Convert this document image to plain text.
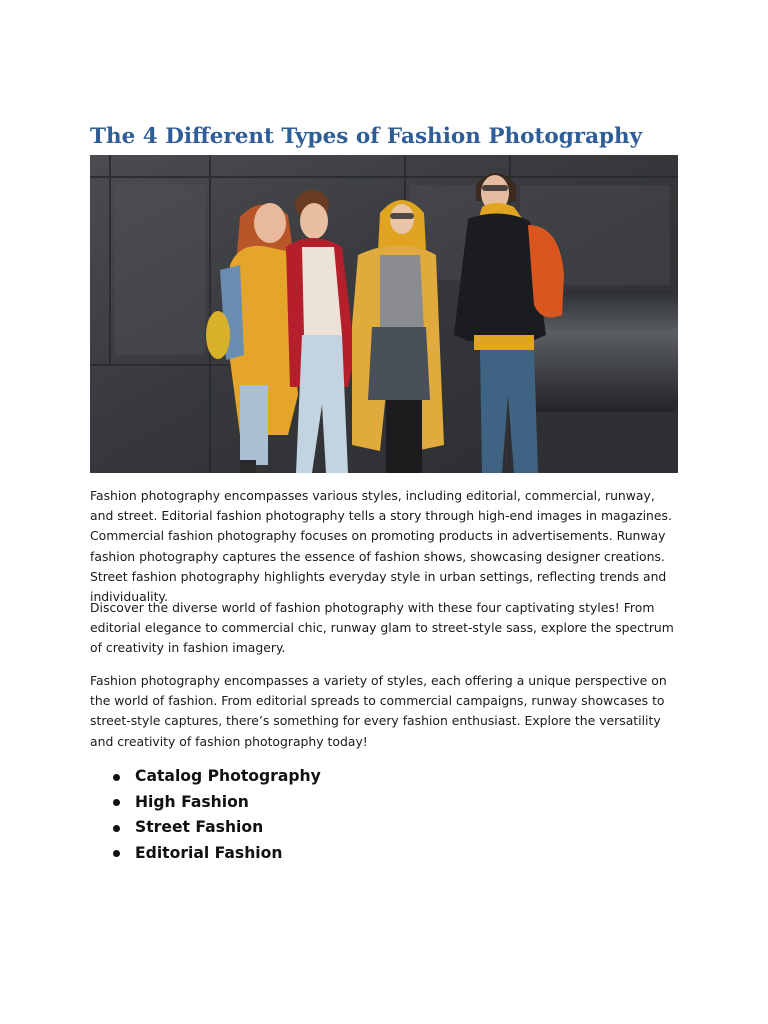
The 4 Different Types of Fashion Photography

Fashion photography encompasses various styles, including editorial, commercial, runway, and street. Editorial fashion photography tells a story through high-end images in magazines. Commercial fashion photography focuses on promoting products in advertisements. Runway fashion photography captures the essence of fashion shows, showcasing designer creations. Street fashion photography highlights everyday style in urban settings, reflecting trends and individuality.

Discover the diverse world of fashion photography with these four captivating styles! From editorial elegance to commercial chic, runway glam to street-style sass, explore the spectrum of creativity in fashion imagery.

Fashion photography encompasses a variety of styles, each offering a unique perspective on the world of fashion. From editorial spreads to commercial campaigns, runway showcases to street-style captures, there’s something for every fashion enthusiast. Explore the versatility and creativity of fashion photography today!

Catalog Photography
High Fashion
Street Fashion
Editorial Fashion
